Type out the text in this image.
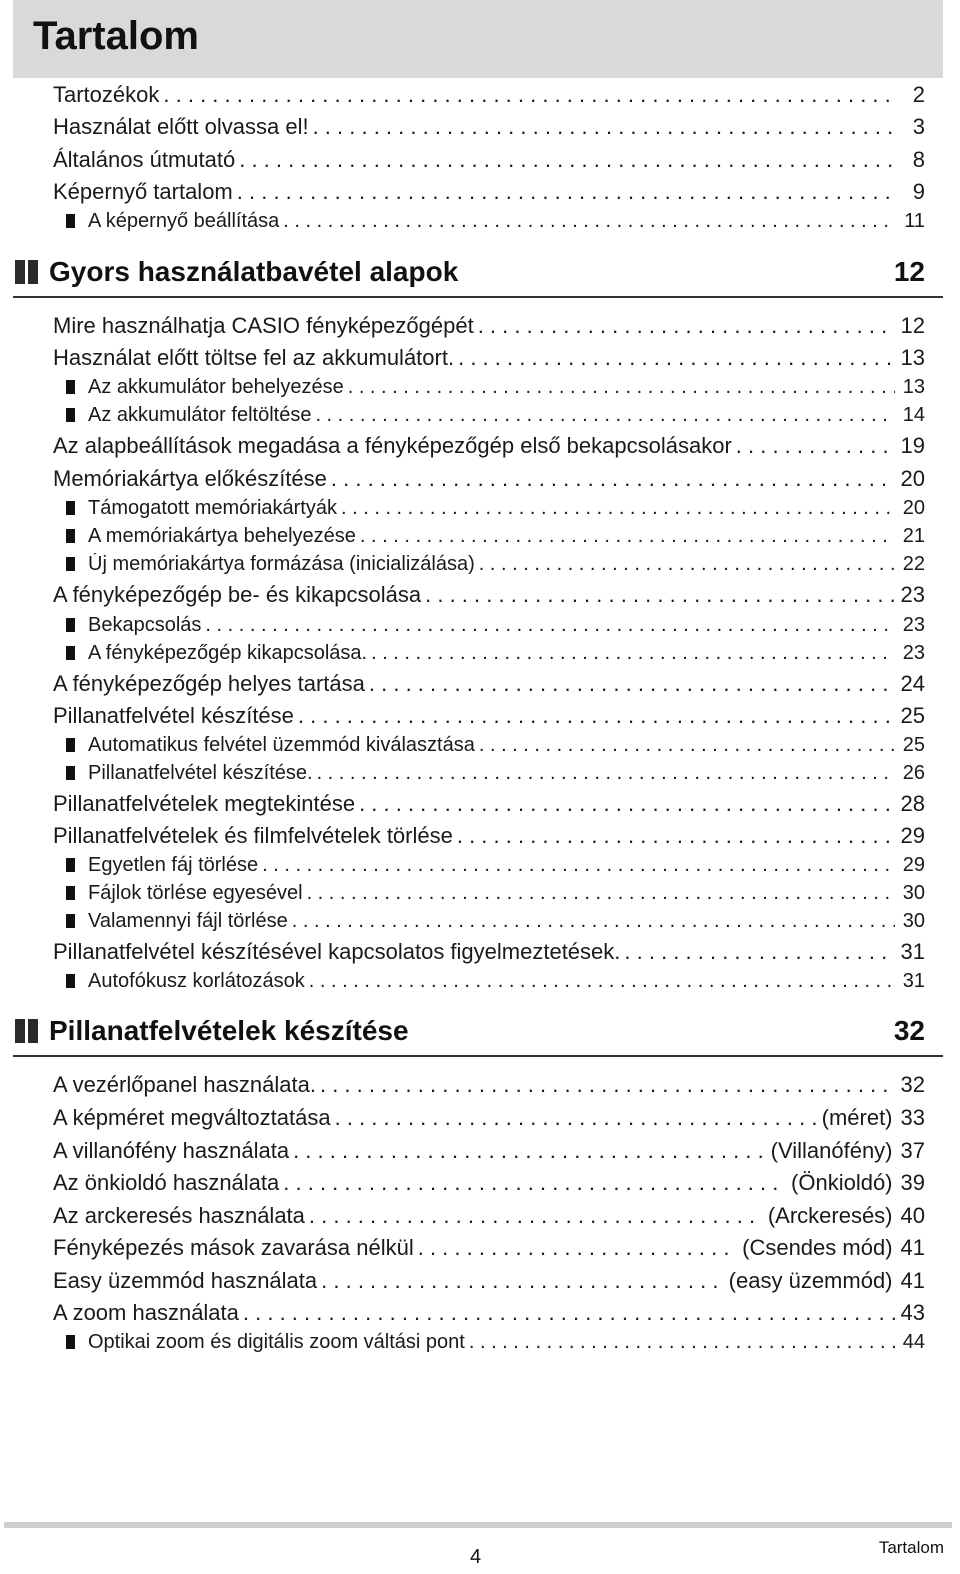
Tartalom
Tartozékok . . .	2
Használat előtt olvassa el! . . .	3
Általános útmutató . . .	8
Képernyő tartalom . . .	9
A képernyő beállítása . . .	11
Gyors használatbavétel alapok	12
Mire használhatja CASIO fényképezőgépét . . .	12
Használat előtt töltse fel az akkumulátort. . . .	13
Az akkumulátor behelyezése . . .	13
Az akkumulátor feltöltése . . .	14
Az alapbeállítások megadása a fényképezőgép első bekapcsolásakor . . .	19
Memóriakártya előkészítése . . .	20
Támogatott memóriakártyák . . .	20
A memóriakártya behelyezése . . .	21
Új memóriakártya formázása (inicializálása) . . .	22
A fényképezőgép be- és kikapcsolása . . .	23
Bekapcsolás . . .	23
A fényképezőgép kikapcsolása. . . .	23
A fényképezőgép helyes tartása . . .	24
Pillanatfelvétel készítése . . .	25
Automatikus felvétel üzemmód kiválasztása . . .	25
Pillanatfelvétel készítése. . . .	26
Pillanatfelvételek megtekintése . . .	28
Pillanatfelvételek és filmfelvételek törlése . . .	29
Egyetlen fáj törlése . . .	29
Fájlok törlése egyesével . . .	30
Valamennyi fájl törlése . . .	30
Pillanatfelvétel készítésével kapcsolatos figyelmeztetések. . . .	31
Autofókusz korlátozások . . .	31
Pillanatfelvételek készítése	32
A vezérlőpanel használata. . . .	32
A képméret megváltoztatása . . .	(méret) 33
A villanófény használata . . .	(Villanófény) 37
Az önkioldó használata . . .	(Önkioldó) 39
Az arckeresés használata . . .	(Arckeresés) 40
Fényképezés mások zavarása nélkül . . .	(Csendes mód) 41
Easy üzemmód használata . . .	(easy üzemmód) 41
A zoom használata . . .	43
Optikai zoom és digitális zoom váltási pont . . .	44
4	Tartalom
